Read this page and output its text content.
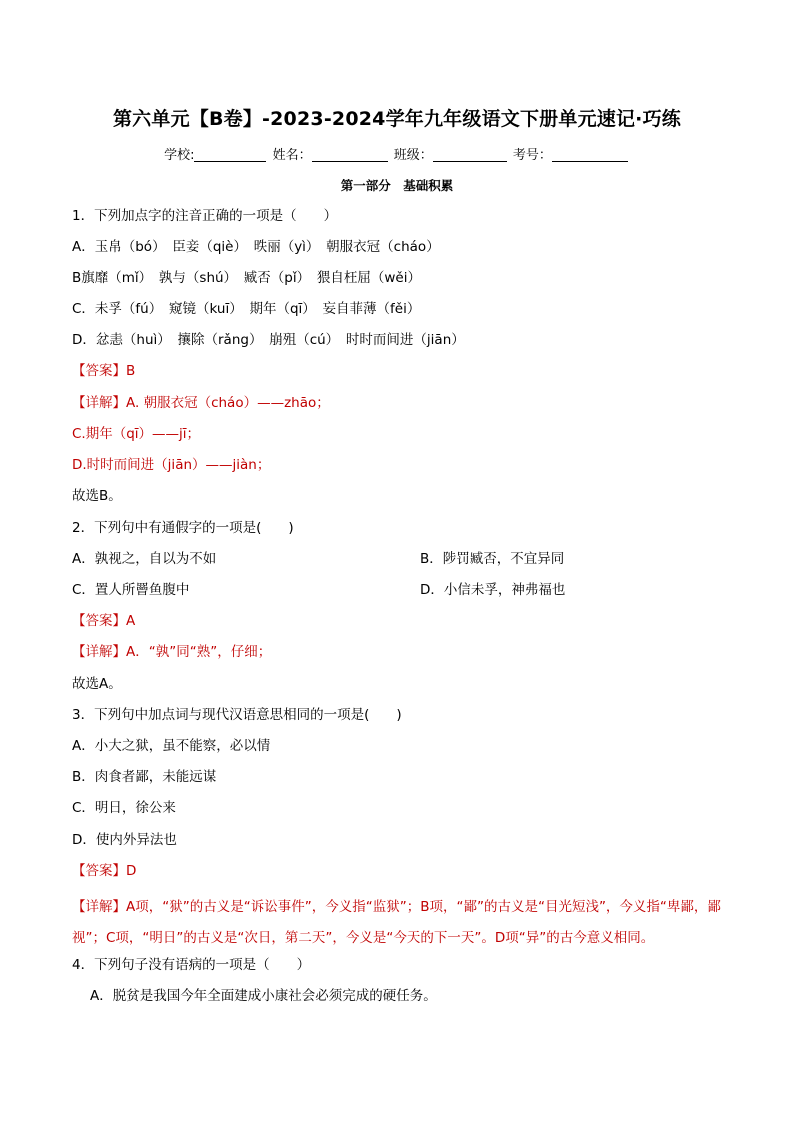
第六单元【B卷】-2023-2024学年九年级语文下册单元速记·巧练
学校:	姓名：	班级：	考号：
第一部分　基础积累
1．下列加点字的注音正确的一项是（　　）
A．玉帛（bó）　臣妾（qiè）　昳丽（yì）　朝服衣冠（cháo）
B旗靡（mǐ）　孰与（shú）　臧否（pǐ）　猥自枉屈（wěi）
C．未孚（fú）　窥镜（kuī）　期年（qī）　妄自菲薄（fěi）
D．忿恚（huì）　攘除（rǎng）　崩殂（cú）　时时而间进（jiān）
【答案】B
【详解】A. 朝服衣冠（cháo）——zhāo；
C.期年（qī）——jī；
D.时时而间进（jiān）——jiàn；
故选B。
2．下列句中有通假字的一项是(　　)
A．孰视之，自以为不如	B．陟罚臧否，不宜异同
C．置人所罾鱼腹中	D．小信未孚，神弗福也
【答案】A
【详解】A．“孰”同“熟”，仔细；
故选A。
3．下列句中加点词与现代汉语意思相同的一项是(　　)
A．小大之狱，虽不能察，必以情
B．肉食者鄙，未能远谋
C．明日，徐公来
D．使内外异法也
【答案】D
【详解】A项，“狱”的古义是“诉讼事件”，今义指“监狱”；B项，“鄙”的古义是“目光短浅”，今义指“卑鄙，鄙视”；C项，“明日”的古义是“次日，第二天”，今义是“今天的下一天”。D项“异”的古今意义相同。
4．下列句子没有语病的一项是（　　）
A．脱贫是我国今年全面建成小康社会必须完成的硬任务。
